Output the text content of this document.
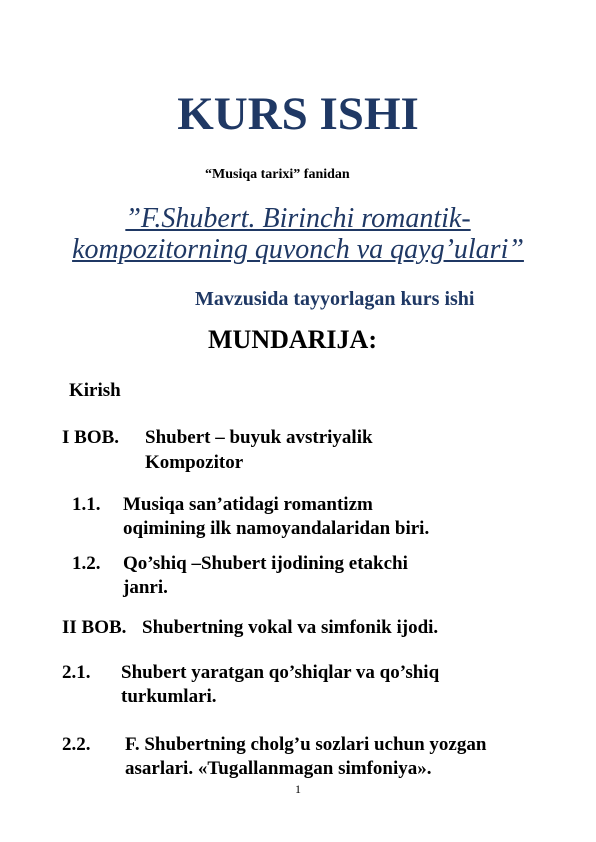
KURS ISHI
“Musiqa tarixi” fanidan
”F.Shubert. Birinchi romantik-
kompozitorning quvonch va qayg’ulari”
Mavzusida tayyorlagan kurs ishi
MUNDARIJA:
Kirish
I BOB. Shubert – buyuk avstriyalik
Kompozitor
1.1. Musiqa san’atidagi romantizm
oqimining ilk namoyandalaridan biri.
1.2. Qo’shiq –Shubert ijodining etakchi
janri.
II BOB. Shubertning vokal va simfonik ijodi.
2.1. Shubert yaratgan qo’shiqlar va qo’shiq
turkumlari.
2.2. F. Shubertning cholg’u sozlari uchun yozgan
asarlari. «Tugallanmagan simfoniya».
1
